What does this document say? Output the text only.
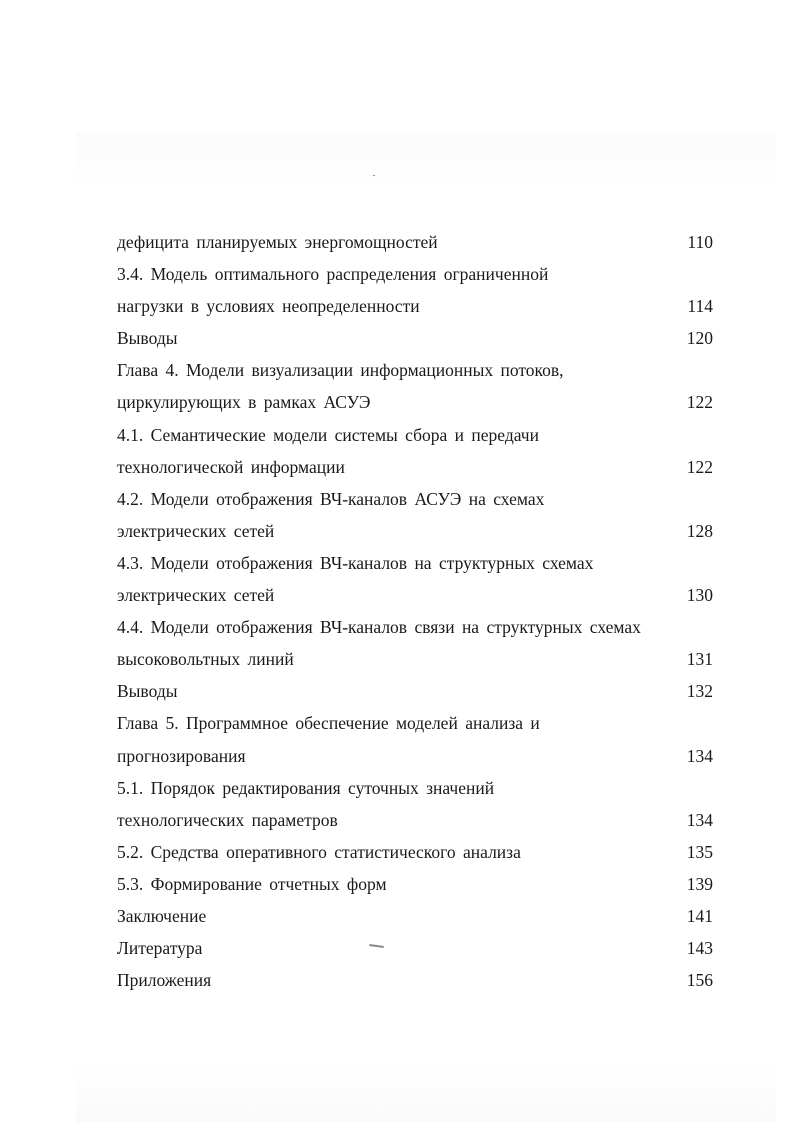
дефицита планируемых энергомощностей	110
3.4. Модель оптимального распределения ограниченной
нагрузки в условиях неопределенности	114
Выводы	120
Глава 4. Модели визуализации информационных потоков,
циркулирующих в рамках АСУЭ	122
4.1. Семантические модели системы сбора и передачи
технологической информации	122
4.2. Модели отображения ВЧ-каналов АСУЭ на схемах
электрических сетей	128
4.3. Модели отображения ВЧ-каналов на структурных схемах
электрических сетей	130
4.4. Модели отображения ВЧ-каналов связи на структурных схемах
высоковольтных линий	131
Выводы	132
Глава 5. Программное обеспечение моделей анализа и
прогнозирования	134
5.1. Порядок редактирования суточных значений
технологических параметров	134
5.2. Средства оперативного статистического анализа	135
5.3. Формирование отчетных форм	139
Заключение	141
Литература	143
Приложения	156
